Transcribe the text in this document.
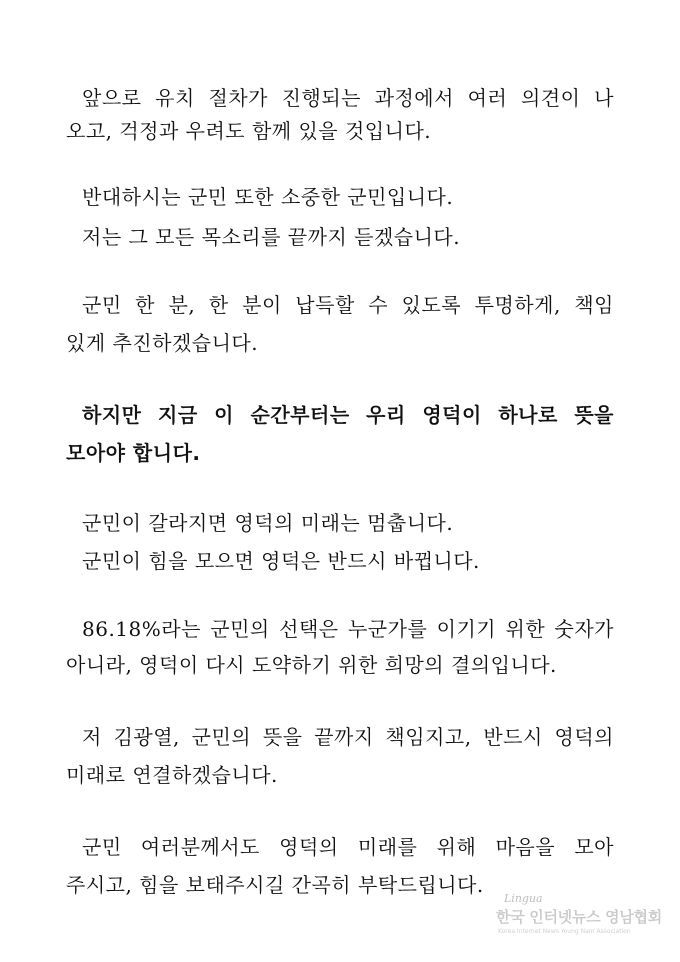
앞으로 유치 절차가 진행되는 과정에서 여러 의견이 나
오고, 걱정과 우려도 함께 있을 것입니다.
반대하시는 군민 또한 소중한 군민입니다.
저는 그 모든 목소리를 끝까지 듣겠습니다.
군민 한 분, 한 분이 납득할 수 있도록 투명하게, 책임
있게 추진하겠습니다.
하지만 지금 이 순간부터는 우리 영덕이 하나로 뜻을
모아야 합니다.
군민이 갈라지면 영덕의 미래는 멈춥니다.
군민이 힘을 모으면 영덕은 반드시 바뀝니다.
86.18%라는 군민의 선택은 누군가를 이기기 위한 숫자가
아니라, 영덕이 다시 도약하기 위한 희망의 결의입니다.
저 김광열, 군민의 뜻을 끝까지 책임지고, 반드시 영덕의
미래로 연결하겠습니다.
군민 여러분께서도 영덕의 미래를 위해 마음을 모아
주시고, 힘을 보태주시길 간곡히 부탁드립니다.
Lingua
한국 인터넷뉴스 영남협회
Korea Internet News Young Nam Association
